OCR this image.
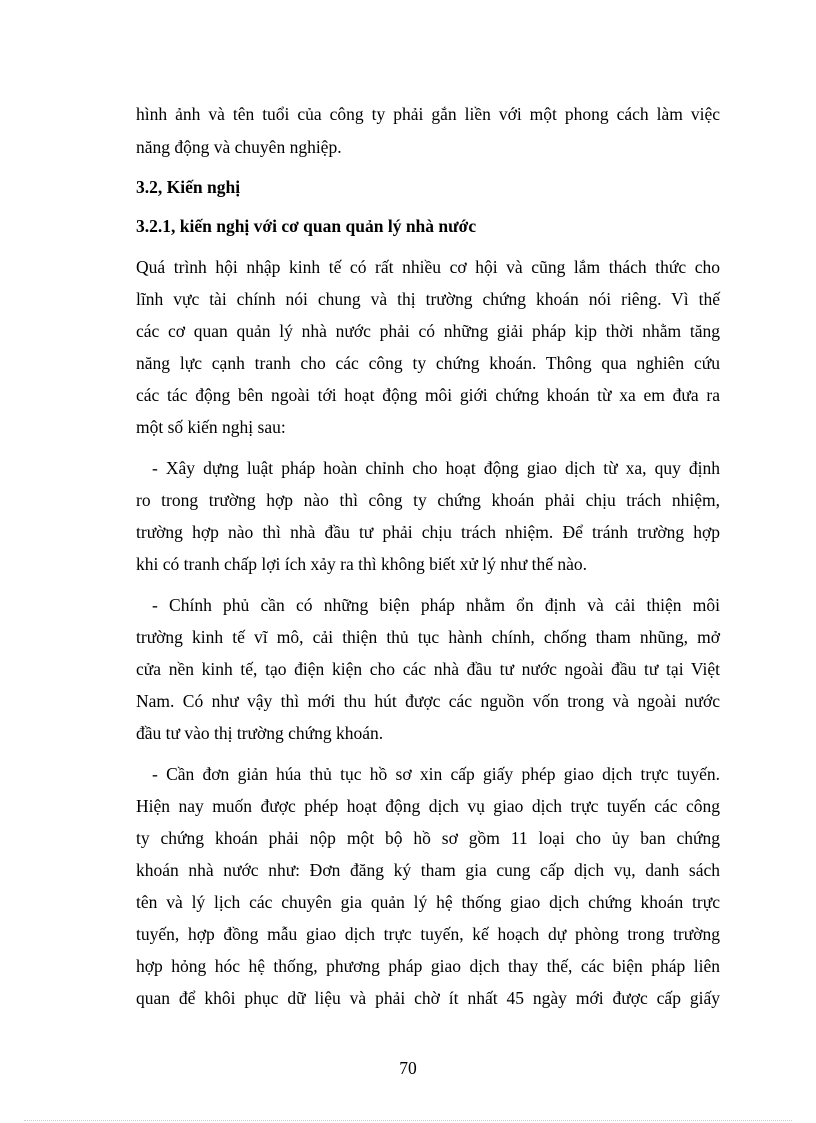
hình ảnh và tên tuổi của công ty phải gắn liền với một phong cách làm việc
năng động và chuyên nghiệp.
3.2, Kiến nghị
3.2.1, kiến nghị với cơ quan quản lý nhà nước
Quá trình hội nhập kinh tế có rất nhiều cơ hội và cũng lắm thách thức cho
lĩnh vực tài chính nói chung và thị trường chứng khoán nói riêng. Vì thế
các cơ quan quản lý nhà nước phải có những giải pháp kịp thời nhằm tăng
năng lực cạnh tranh cho các công ty chứng khoán. Thông qua nghiên cứu
các tác động bên ngoài tới hoạt động môi giới chứng khoán từ xa em đưa ra
một số kiến nghị sau:
- Xây dựng luật pháp hoàn chỉnh cho hoạt động giao dịch từ xa, quy định
ro trong trường hợp nào thì công ty chứng khoán phải chịu trách nhiệm,
trường hợp nào thì nhà đầu tư phải chịu trách nhiệm. Để tránh trường hợp
khi có tranh chấp lợi ích xảy ra thì không biết xử lý như thế nào.
- Chính phủ cần có những biện pháp nhằm ổn định và cải thiện môi
trường kinh tế vĩ mô, cải thiện thủ tục hành chính, chống tham nhũng, mở
cửa nền kinh tế, tạo điện kiện cho các nhà đầu tư nước ngoài đầu tư tại Việt
Nam. Có như vậy thì mới thu hút được các nguồn vốn trong và ngoài nước
đầu tư vào thị trường chứng khoán.
- Cần đơn giản húa thủ tục hồ sơ xin cấp giấy phép giao dịch trực tuyến.
Hiện nay muốn được phép hoạt động dịch vụ giao dịch trực tuyến các công
ty chứng khoán phải nộp một bộ hồ sơ gồm 11 loại cho ủy ban chứng
khoán nhà nước như: Đơn đăng ký tham gia cung cấp dịch vụ, danh sách
tên và lý lịch các chuyên gia quản lý hệ thống giao dịch chứng khoán trực
tuyến, hợp đồng mẫu giao dịch trực tuyến, kế hoạch dự phòng trong trường
hợp hỏng hóc hệ thống, phương pháp giao dịch thay thế, các biện pháp liên
quan để khôi phục dữ liệu và phải chờ ít nhất 45 ngày mới được cấp giấy
70
